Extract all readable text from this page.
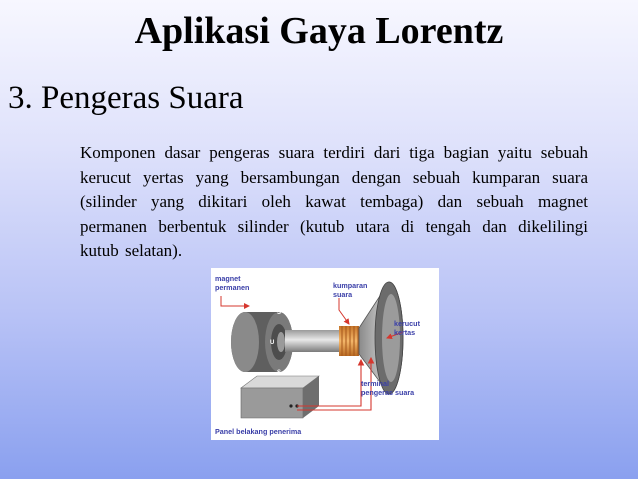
Aplikasi Gaya Lorentz
3. Pengeras Suara
Komponen dasar pengeras suara terdiri dari tiga bagian yaitu sebuah kerucut yertas yang bersambungan dengan sebuah kumparan suara (silinder yang dikitari oleh kawat tembaga) dan sebuah magnet permanen berbentuk silinder (kutub utara di tengah dan dikelilingi kutub selatan).
S
U
S
magnet
permanen	kumparan
suara
kerucut
kertas
terminal
pengeras suara
Panel belakang penerima
